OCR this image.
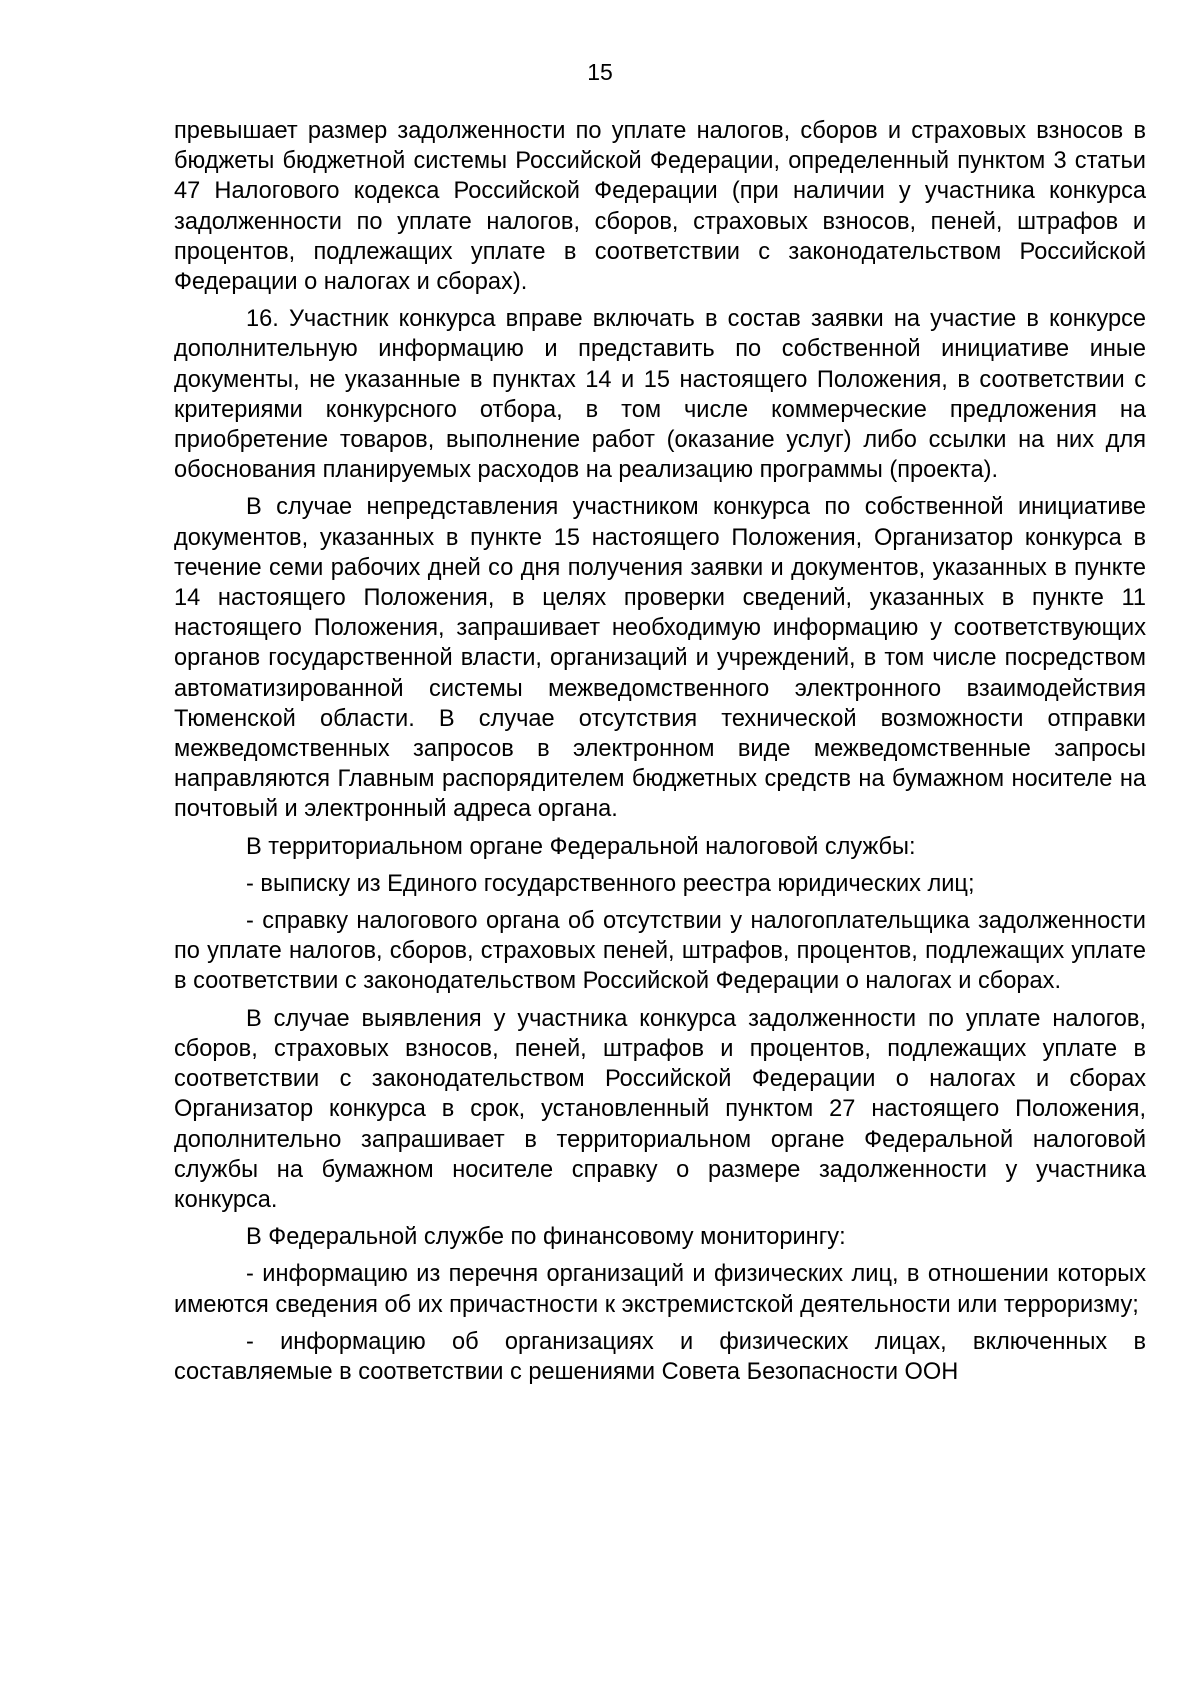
15

превышает размер задолженности по уплате налогов, сборов и страховых взносов в бюджеты бюджетной системы Российской Федерации, определенный пунктом 3 статьи 47 Налогового кодекса Российской Федерации (при наличии у участника конкурса задолженности по уплате налогов, сборов, страховых взносов, пеней, штрафов и процентов, подлежащих уплате в соответствии с законодательством Российской Федерации о налогах и сборах).

16. Участник конкурса вправе включать в состав заявки на участие в конкурсе дополнительную информацию и представить по собственной инициативе иные документы, не указанные в пунктах 14 и 15 настоящего Положения, в соответствии с критериями конкурсного отбора, в том числе коммерческие предложения на приобретение товаров, выполнение работ (оказание услуг) либо ссылки на них для обоснования планируемых расходов на реализацию программы (проекта).

В случае непредставления участником конкурса по собственной инициативе документов, указанных в пункте 15 настоящего Положения, Организатор конкурса в течение семи рабочих дней со дня получения заявки и документов, указанных в пункте 14 настоящего Положения, в целях проверки сведений, указанных в пункте 11 настоящего Положения, запрашивает необходимую информацию у соответствующих органов государственной власти, организаций и учреждений, в том числе посредством автоматизированной системы межведомственного электронного взаимодействия Тюменской области. В случае отсутствия технической возможности отправки межведомственных запросов в электронном виде межведомственные запросы направляются Главным распорядителем бюджетных средств на бумажном носителе на почтовый и электронный адреса органа.

В территориальном органе Федеральной налоговой службы:

- выписку из Единого государственного реестра юридических лиц;

- справку налогового органа об отсутствии у налогоплательщика задолженности по уплате налогов, сборов, страховых пеней, штрафов, процентов, подлежащих уплате в соответствии с законодательством Российской Федерации о налогах и сборах.

В случае выявления у участника конкурса задолженности по уплате налогов, сборов, страховых взносов, пеней, штрафов и процентов, подлежащих уплате в соответствии с законодательством Российской Федерации о налогах и сборах Организатор конкурса в срок, установленный пунктом 27 настоящего Положения, дополнительно запрашивает в территориальном органе Федеральной налоговой службы на бумажном носителе справку о размере задолженности у участника конкурса.

В Федеральной службе по финансовому мониторингу:

- информацию из перечня организаций и физических лиц, в отношении которых имеются сведения об их причастности к экстремистской деятельности или терроризму;

- информацию об организациях и физических лицах, включенных в составляемые в соответствии с решениями Совета Безопасности ООН
